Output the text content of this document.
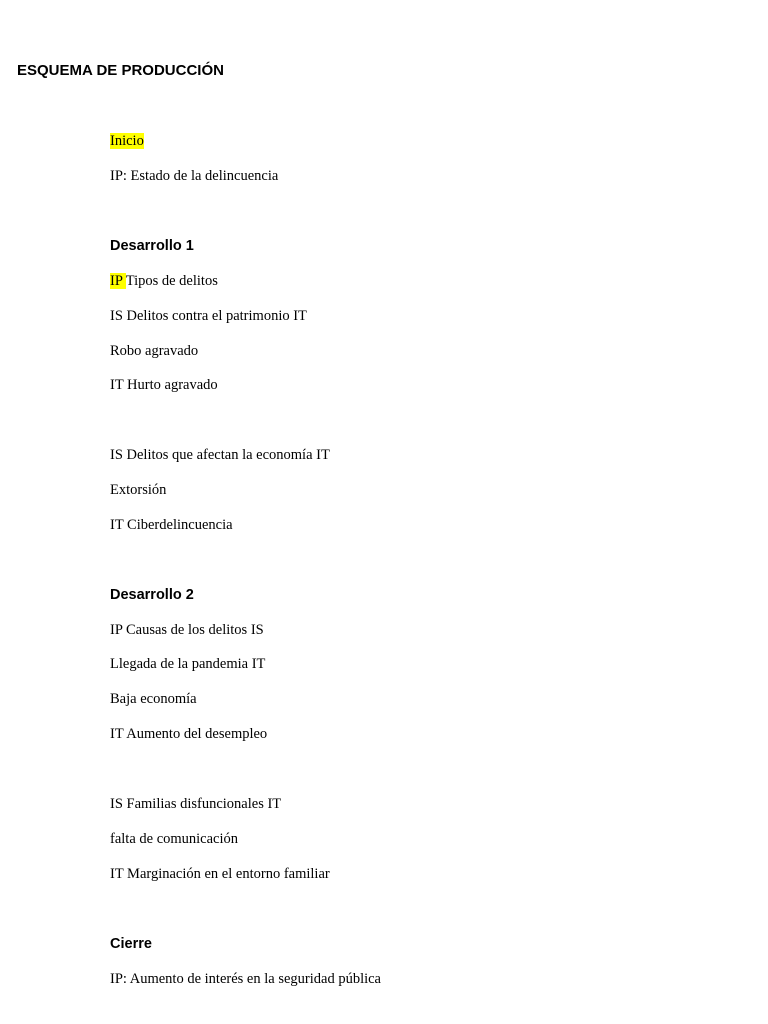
ESQUEMA DE PRODUCCIÓN
Inicio
IP: Estado de la delincuencia
Desarrollo 1
IP Tipos de delitos
IS Delitos contra el patrimonio IT
Robo agravado
IT Hurto agravado
IS Delitos que afectan la economía IT
Extorsión
IT Ciberdelincuencia
Desarrollo 2
IP Causas de los delitos IS
Llegada de la pandemia IT
Baja economía
IT Aumento del desempleo
IS Familias disfuncionales IT
falta de comunicación
IT Marginación en el entorno familiar
Cierre
IP: Aumento de interés en la seguridad pública
